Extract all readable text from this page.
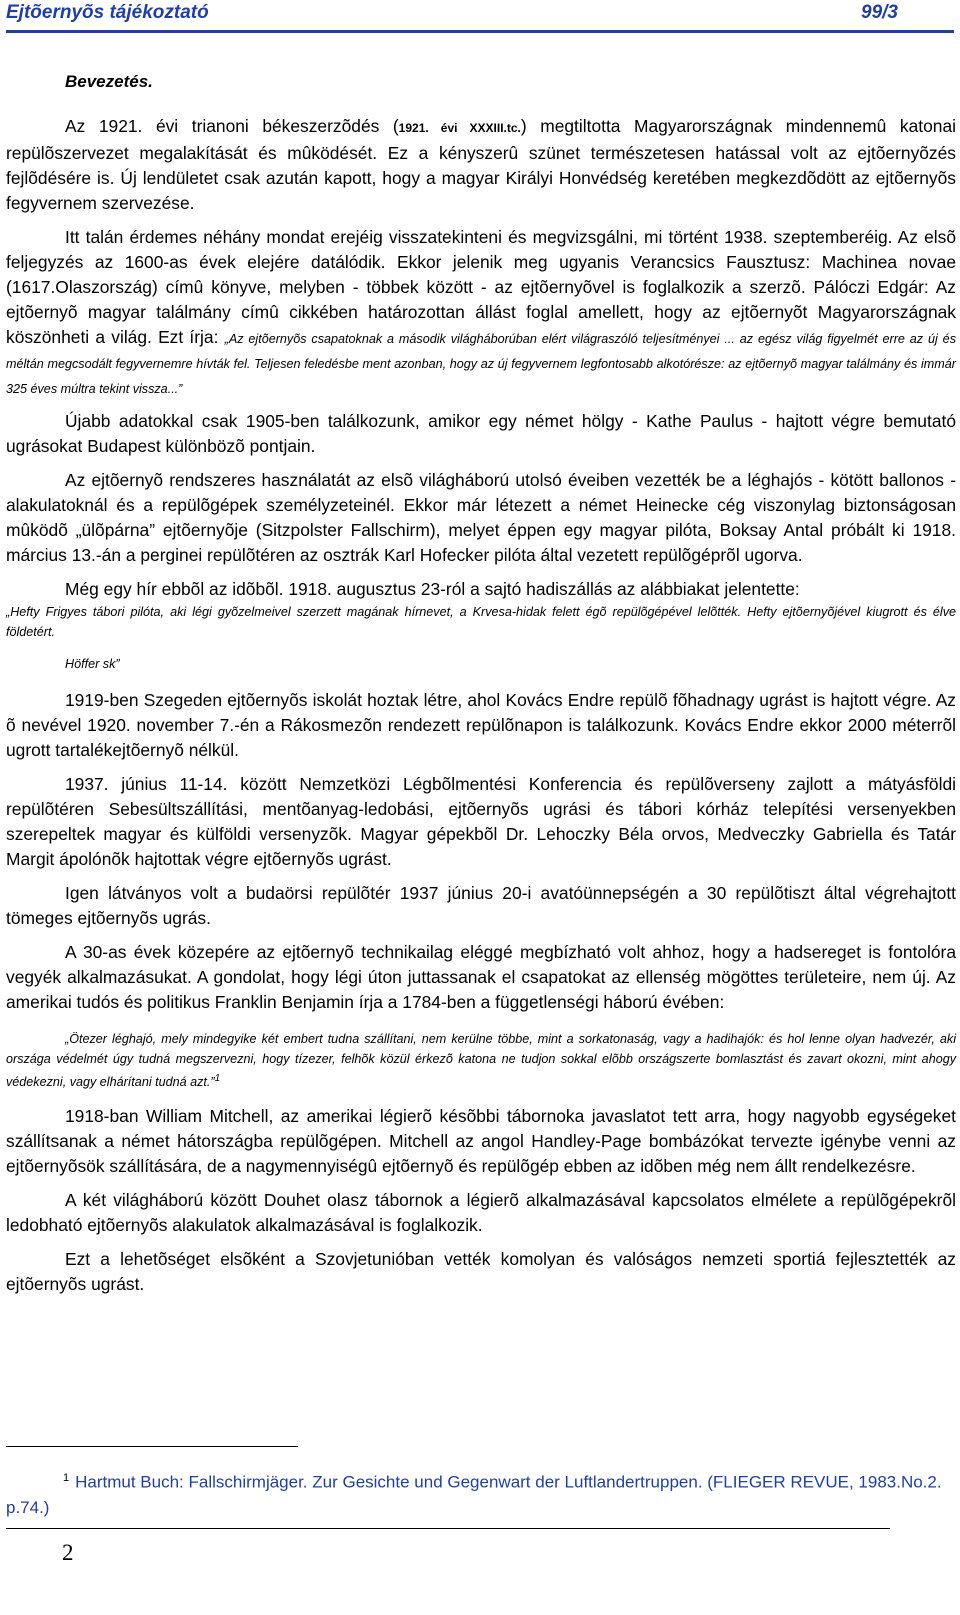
Ejtõernyõs tájékoztató	99/3
Bevezetés.

Az 1921. évi trianoni békeszerzõdés (1921. évi XXXIII.tc.) megtiltotta Magyarországnak mindennemû katonai repülõszervezet megalakítását és mûködését. Ez a kényszerû szünet természetesen hatással volt az ejtõernyõzés fejlõdésére is. Új lendületet csak azután kapott, hogy a magyar Királyi Honvédség keretében megkezdõdött az ejtõernyõs fegyvernem szervezése.

Itt talán érdemes néhány mondat erejéig visszatekinteni és megvizsgálni, mi történt 1938. szeptemberéig. Az elsõ feljegyzés az 1600-as évek elejére datálódik. Ekkor jelenik meg ugyanis Verancsics Fausztusz: Machinea novae (1617.Olaszország) címû könyve, melyben - többek között - az ejtõernyõvel is foglalkozik a szerzõ. Pálóczi Edgár: Az ejtõernyõ magyar találmány címû cikkében határozottan állást foglal amellett, hogy az ejtõernyõt Magyarországnak köszönheti a világ. Ezt írja: „Az ejtõernyõs csapatoknak a második világháborúban elért világraszóló teljesítményei ... az egész világ figyelmét erre az új és méltán megcsodált fegyvernemre hívták fel. Teljesen feledésbe ment azonban, hogy az új fegyvernem legfontosabb alkotórésze: az ejtõernyõ magyar találmány és immár 325 éves múltra tekint vissza...”

Újabb adatokkal csak 1905-ben találkozunk, amikor egy német hölgy - Kathe Paulus - hajtott végre bemutató ugrásokat Budapest különbözõ pontjain.

Az ejtõernyõ rendszeres használatát az elsõ világháború utolsó éveiben vezették be a léghajós - kötött ballonos - alakulatoknál és a repülõgépek személyzeteinél. Ekkor már létezett a német Heinecke cég viszonylag biztonságosan mûködõ „ülõpárna” ejtõernyõje (Sitzpolster Fallschirm), melyet éppen egy magyar pilóta, Boksay Antal próbált ki 1918. március 13.-án a perginei repülõtéren az osztrák Karl Hofecker pilóta által vezetett repülõgéprõl ugorva.

Még egy hír ebbõl az idõbõl. 1918. augusztus 23-ról a sajtó hadiszállás az alábbiakat jelentette:

„Hefty Frigyes tábori pilóta, aki légi gyõzelmeivel szerzett magának hírnevet, a Krvesa-hidak felett égõ repülõgépével lelõtték. Hefty ejtõernyõjével kiugrott és élve földetért.

Höffer sk”

1919-ben Szegeden ejtõernyõs iskolát hoztak létre, ahol Kovács Endre repülõ fõhadnagy ugrást is hajtott végre. Az õ nevével 1920. november 7.-én a Rákosmezõn rendezett repülõnapon is találkozunk. Kovács Endre ekkor 2000 méterrõl ugrott tartalékejtõernyõ nélkül.

1937. június 11-14. között Nemzetközi Légbõlmentési Konferencia és repülõverseny zajlott a mátyásföldi repülõtéren Sebesültszállítási, mentõanyag-ledobási, ejtõernyõs ugrási és tábori kórház telepítési versenyekben szerepeltek magyar és külföldi versenyzõk. Magyar gépekbõl Dr. Lehoczky Béla orvos, Medveczky Gabriella és Tatár Margit ápolónõk hajtottak végre ejtõernyõs ugrást.

Igen látványos volt a budaörsi repülõtér 1937 június 20-i avatóünnepségén a 30 repülõtiszt által végrehajtott tömeges ejtõernyõs ugrás.

A 30-as évek közepére az ejtõernyõ technikailag eléggé megbízható volt ahhoz, hogy a hadsereget is fontolóra vegyék alkalmazásukat. A gondolat, hogy légi úton juttassanak el csapatokat az ellenség mögöttes területeire, nem új. Az amerikai tudós és politikus Franklin Benjamin írja a 1784-ben a függetlenségi háború évében:

„Ötezer léghajó, mely mindegyike két embert tudna szállítani, nem kerülne többe, mint a sorkatonaság, vagy a hadihajók: és hol lenne olyan hadvezér, aki országa védelmét úgy tudná megszervezni, hogy tízezer, felhõk közül érkezõ katona ne tudjon sokkal elõbb országszerte bomlasztást és zavart okozni, mint ahogy védekezni, vagy elhárítani tudná azt.”$^1$

1918-ban William Mitchell, az amerikai légierõ késõbbi tábornoka javaslatot tett arra, hogy nagyobb egységeket szállítsanak a német hátországba repülõgépen. Mitchell az angol Handley-Page bombázókat tervezte igénybe venni az ejtõernyõsök szállítására, de a nagymennyiségû ejtõernyõ és repülõgép ebben az idõben még nem állt rendelkezésre.

A két világháború között Douhet olasz tábornok a légierõ alkalmazásával kapcsolatos elmélete a repülõgépekrõl ledobható ejtõernyõs alakulatok alkalmazásával is foglalkozik.

Ezt a lehetõséget elsõként a Szovjetunióban vették komolyan és valóságos nemzeti sportiá fejlesztették az ejtõernyõs ugrást.

$^1$ Hartmut Buch: Fallschirmjäger. Zur Gesichte und Gegenwart der Luftlandertruppen. (FLIEGER REVUE, 1983.No.2. p.74.)
2
